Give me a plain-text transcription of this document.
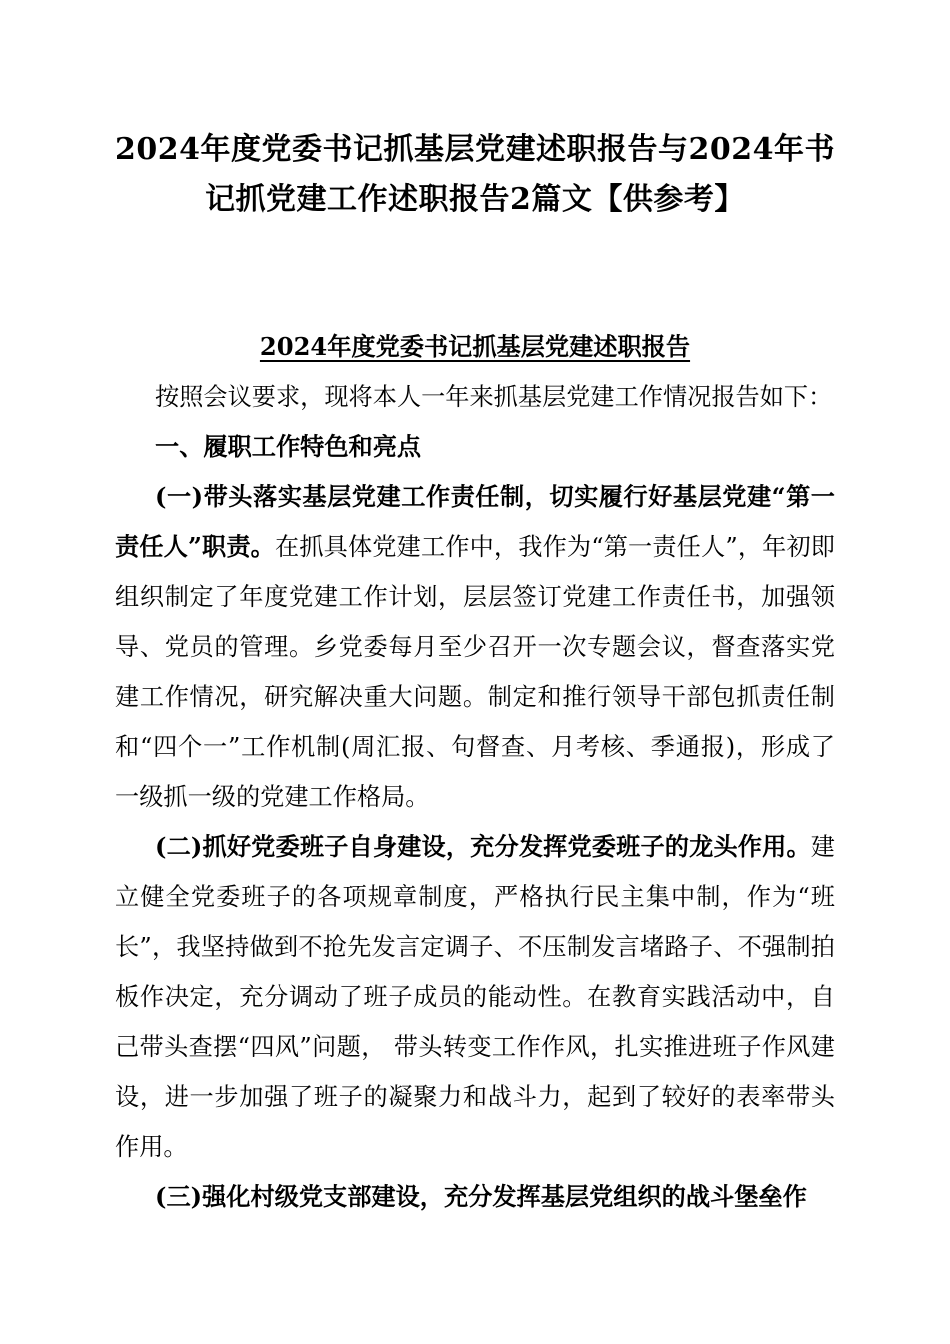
2024年度党委书记抓基层党建述职报告与2024年书
记抓党建工作述职报告2篇文【供参考】
2024年度党委书记抓基层党建述职报告

按照会议要求，现将本人一年来抓基层党建工作情况报告如下：

一、履职工作特色和亮点

(一)带头落实基层党建工作责任制，切实履行好基层党建“第一责任人”职责。在抓具体党建工作中，我作为“第一责任人”，年初即组织制定了年度党建工作计划，层层签订党建工作责任书，加强领导、党员的管理。乡党委每月至少召开一次专题会议，督查落实党建工作情况，研究解决重大问题。制定和推行领导干部包抓责任制和“四个一”工作机制(周汇报、句督查、月考核、季通报)，形成了一级抓一级的党建工作格局。

(二)抓好党委班子自身建设，充分发挥党委班子的龙头作用。建立健全党委班子的各项规章制度，严格执行民主集中制，作为“班长”，我坚持做到不抢先发言定调子、不压制发言堵路子、不强制拍板作决定，充分调动了班子成员的能动性。在教育实践活动中，自己带头查摆“四风”问题， 带头转变工作作风，扎实推进班子作风建设，进一步加强了班子的凝聚力和战斗力，起到了较好的表率带头作用。

(三)强化村级党支部建设，充分发挥基层党组织的战斗堡垒作
